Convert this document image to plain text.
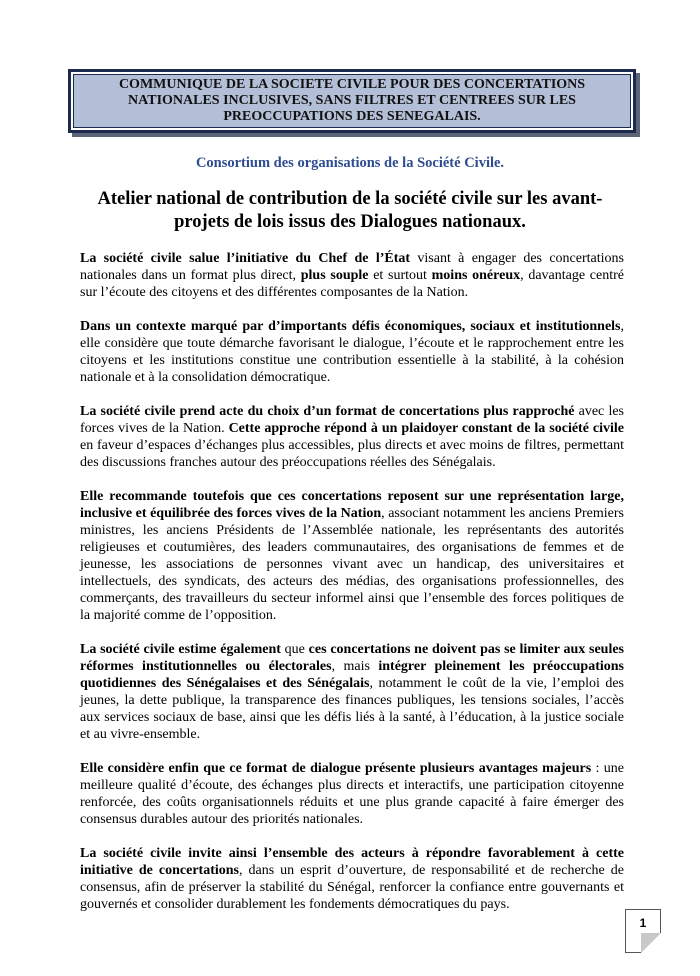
COMMUNIQUE DE LA SOCIETE CIVILE POUR DES CONCERTATIONS NATIONALES INCLUSIVES, SANS FILTRES ET CENTREES SUR LES PREOCCUPATIONS DES SENEGALAIS.
Consortium des organisations de la Société Civile.
Atelier national de contribution de la société civile sur les avant-projets de lois issus des Dialogues nationaux.

La société civile salue l’initiative du Chef de l’État visant à engager des concertations nationales dans un format plus direct, plus souple et surtout moins onéreux, davantage centré sur l’écoute des citoyens et des différentes composantes de la Nation.

Dans un contexte marqué par d’importants défis économiques, sociaux et institutionnels, elle considère que toute démarche favorisant le dialogue, l’écoute et le rapprochement entre les citoyens et les institutions constitue une contribution essentielle à la stabilité, à la cohésion nationale et à la consolidation démocratique.

La société civile prend acte du choix d’un format de concertations plus rapproché avec les forces vives de la Nation. Cette approche répond à un plaidoyer constant de la société civile en faveur d’espaces d’échanges plus accessibles, plus directs et avec moins de filtres, permettant des discussions franches autour des préoccupations réelles des Sénégalais.

Elle recommande toutefois que ces concertations reposent sur une représentation large, inclusive et équilibrée des forces vives de la Nation, associant notamment les anciens Premiers ministres, les anciens Présidents de l’Assemblée nationale, les représentants des autorités religieuses et coutumières, des leaders communautaires, des organisations de femmes et de jeunesse, les associations de personnes vivant avec un handicap, des universitaires et intellectuels, des syndicats, des acteurs des médias, des organisations professionnelles, des commerçants, des travailleurs du secteur informel ainsi que l’ensemble des forces politiques de la majorité comme de l’opposition.

La société civile estime également que ces concertations ne doivent pas se limiter aux seules réformes institutionnelles ou électorales, mais intégrer pleinement les préoccupations quotidiennes des Sénégalaises et des Sénégalais, notamment le coût de la vie, l’emploi des jeunes, la dette publique, la transparence des finances publiques, les tensions sociales, l’accès aux services sociaux de base, ainsi que les défis liés à la santé, à l’éducation, à la justice sociale et au vivre-ensemble.

Elle considère enfin que ce format de dialogue présente plusieurs avantages majeurs : une meilleure qualité d’écoute, des échanges plus directs et interactifs, une participation citoyenne renforcée, des coûts organisationnels réduits et une plus grande capacité à faire émerger des consensus durables autour des priorités nationales.

La société civile invite ainsi l’ensemble des acteurs à répondre favorablement à cette initiative de concertations, dans un esprit d’ouverture, de responsabilité et de recherche de consensus, afin de préserver la stabilité du Sénégal, renforcer la confiance entre gouvernants et gouvernés et consolider durablement les fondements démocratiques du pays.

1
